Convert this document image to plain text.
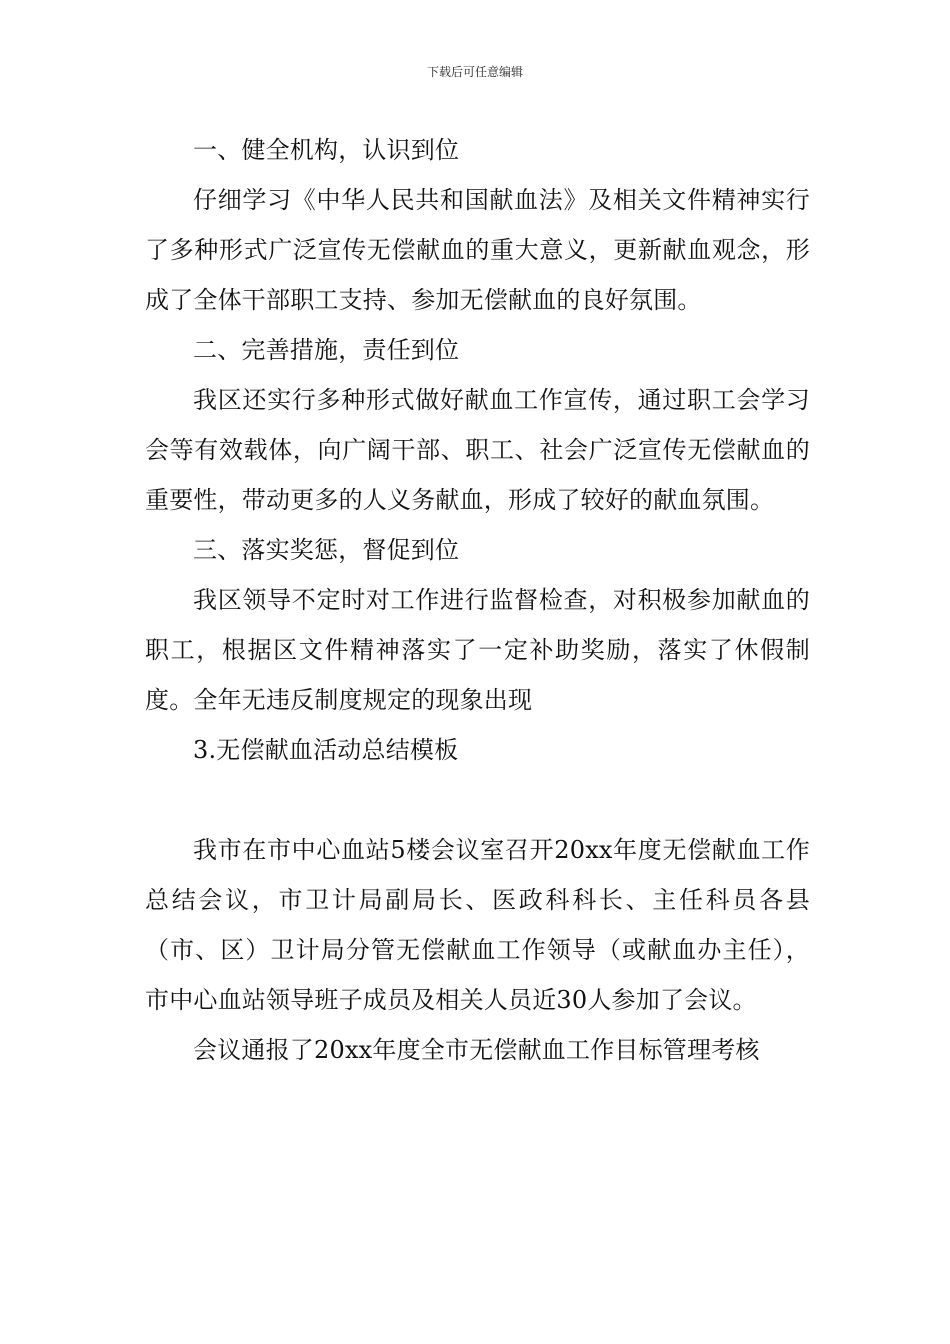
下载后可任意编辑

一、健全机构，认识到位

仔细学习《中华人民共和国献血法》及相关文件精神实行了多种形式广泛宣传无偿献血的重大意义，更新献血观念，形成了全体干部职工支持、参加无偿献血的良好氛围。

二、完善措施，责任到位

我区还实行多种形式做好献血工作宣传，通过职工会学习会等有效载体，向广阔干部、职工、社会广泛宣传无偿献血的重要性，带动更多的人义务献血，形成了较好的献血氛围。

三、落实奖惩，督促到位

我区领导不定时对工作进行监督检查，对积极参加献血的职工，根据区文件精神落实了一定补助奖励，落实了休假制度。全年无违反制度规定的现象出现

3.无偿献血活动总结模板

我市在市中心血站5楼会议室召开20xx年度无偿献血工作总结会议，市卫计局副局长、医政科科长、主任科员各县（市、区）卫计局分管无偿献血工作领导（或献血办主任），市中心血站领导班子成员及相关人员近30人参加了会议。

会议通报了20xx年度全市无偿献血工作目标管理考核
